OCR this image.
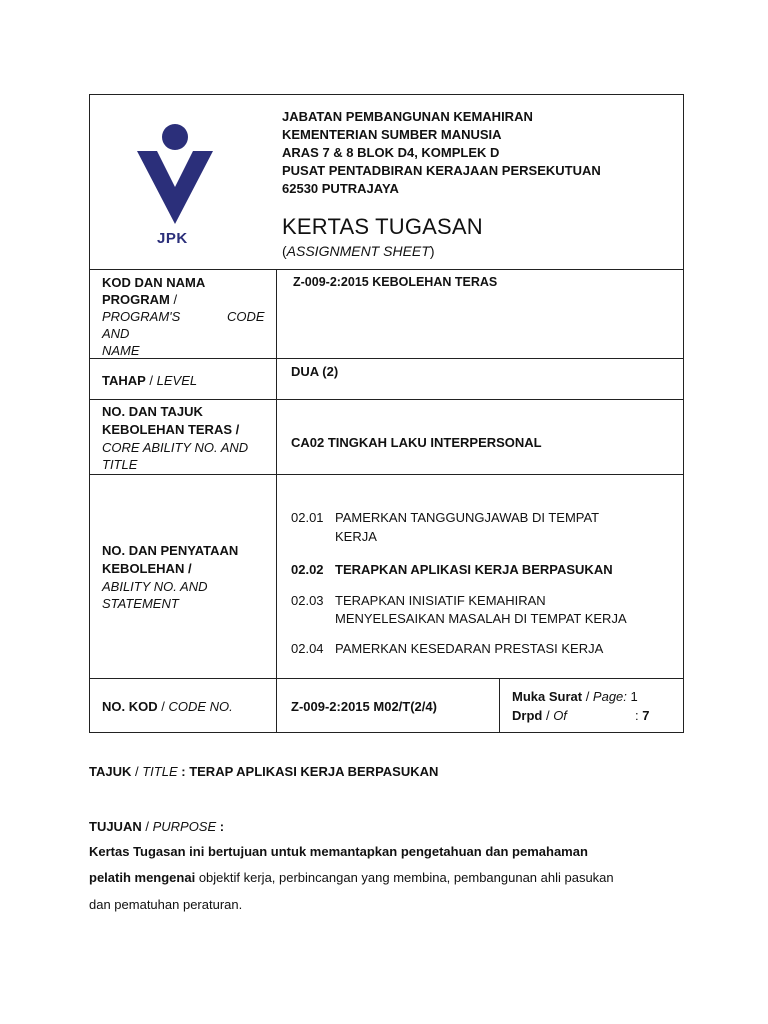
JPK
JABATAN PEMBANGUNAN KEMAHIRAN
KEMENTERIAN SUMBER MANUSIA
ARAS 7 & 8 BLOK D4, KOMPLEK D
PUSAT PENTADBIRAN KERAJAAN PERSEKUTUAN
62530 PUTRAJAYA
KERTAS TUGASAN
(ASSIGNMENT SHEET)
KOD DAN NAMA
PROGRAM /
PROGRAM'S	CODE
AND
NAME
Z-009-2:2015 KEBOLEHAN TERAS
TAHAP / LEVEL
DUA (2)
NO. DAN TAJUK
KEBOLEHAN TERAS /
CORE ABILITY NO. AND
TITLE
CA02 TINGKAH LAKU INTERPERSONAL
NO. DAN PENYATAAN
KEBOLEHAN /
ABILITY NO. AND
STATEMENT
02.01 PAMERKAN TANGGUNGJAWAB DI TEMPAT
KERJA
02.02 TERAPKAN APLIKASI KERJA BERPASUKAN
02.03 TERAPKAN INISIATIF KEMAHIRAN
MENYELESAIKAN MASALAH DI TEMPAT KERJA
02.04 PAMERKAN KESEDARAN PRESTASI KERJA
NO. KOD / CODE NO.	Z-009-2:2015 M02/T(2/4)
Muka Surat / Page: 1
Drpd / Of	: 7
TAJUK / TITLE : TERAP APLIKASI KERJA BERPASUKAN
TUJUAN / PURPOSE :
Kertas Tugasan ini bertujuan untuk memantapkan pengetahuan dan pemahaman
pelatih mengenai objektif kerja, perbincangan yang membina, pembangunan ahli pasukan
dan pematuhan peraturan.
